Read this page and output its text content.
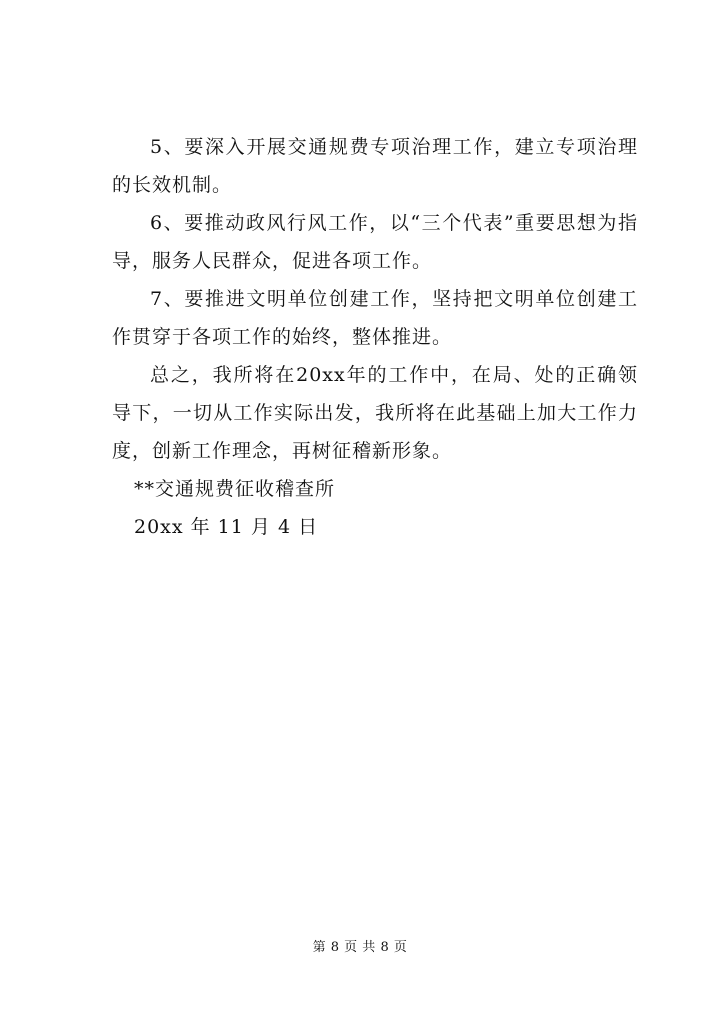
5、要深入开展交通规费专项治理工作，建立专项治理的长效机制。

6、要推动政风行风工作，以“三个代表”重要思想为指导，服务人民群众，促进各项工作。

7、要推进文明单位创建工作，坚持把文明单位创建工作贯穿于各项工作的始终，整体推进。

总之，我所将在20xx年的工作中，在局、处的正确领导下，一切从工作实际出发，我所将在此基础上加大工作力度，创新工作理念，再树征稽新形象。

**交通规费征收稽查所

20xx 年 11 月 4 日

第 8 页 共 8 页
